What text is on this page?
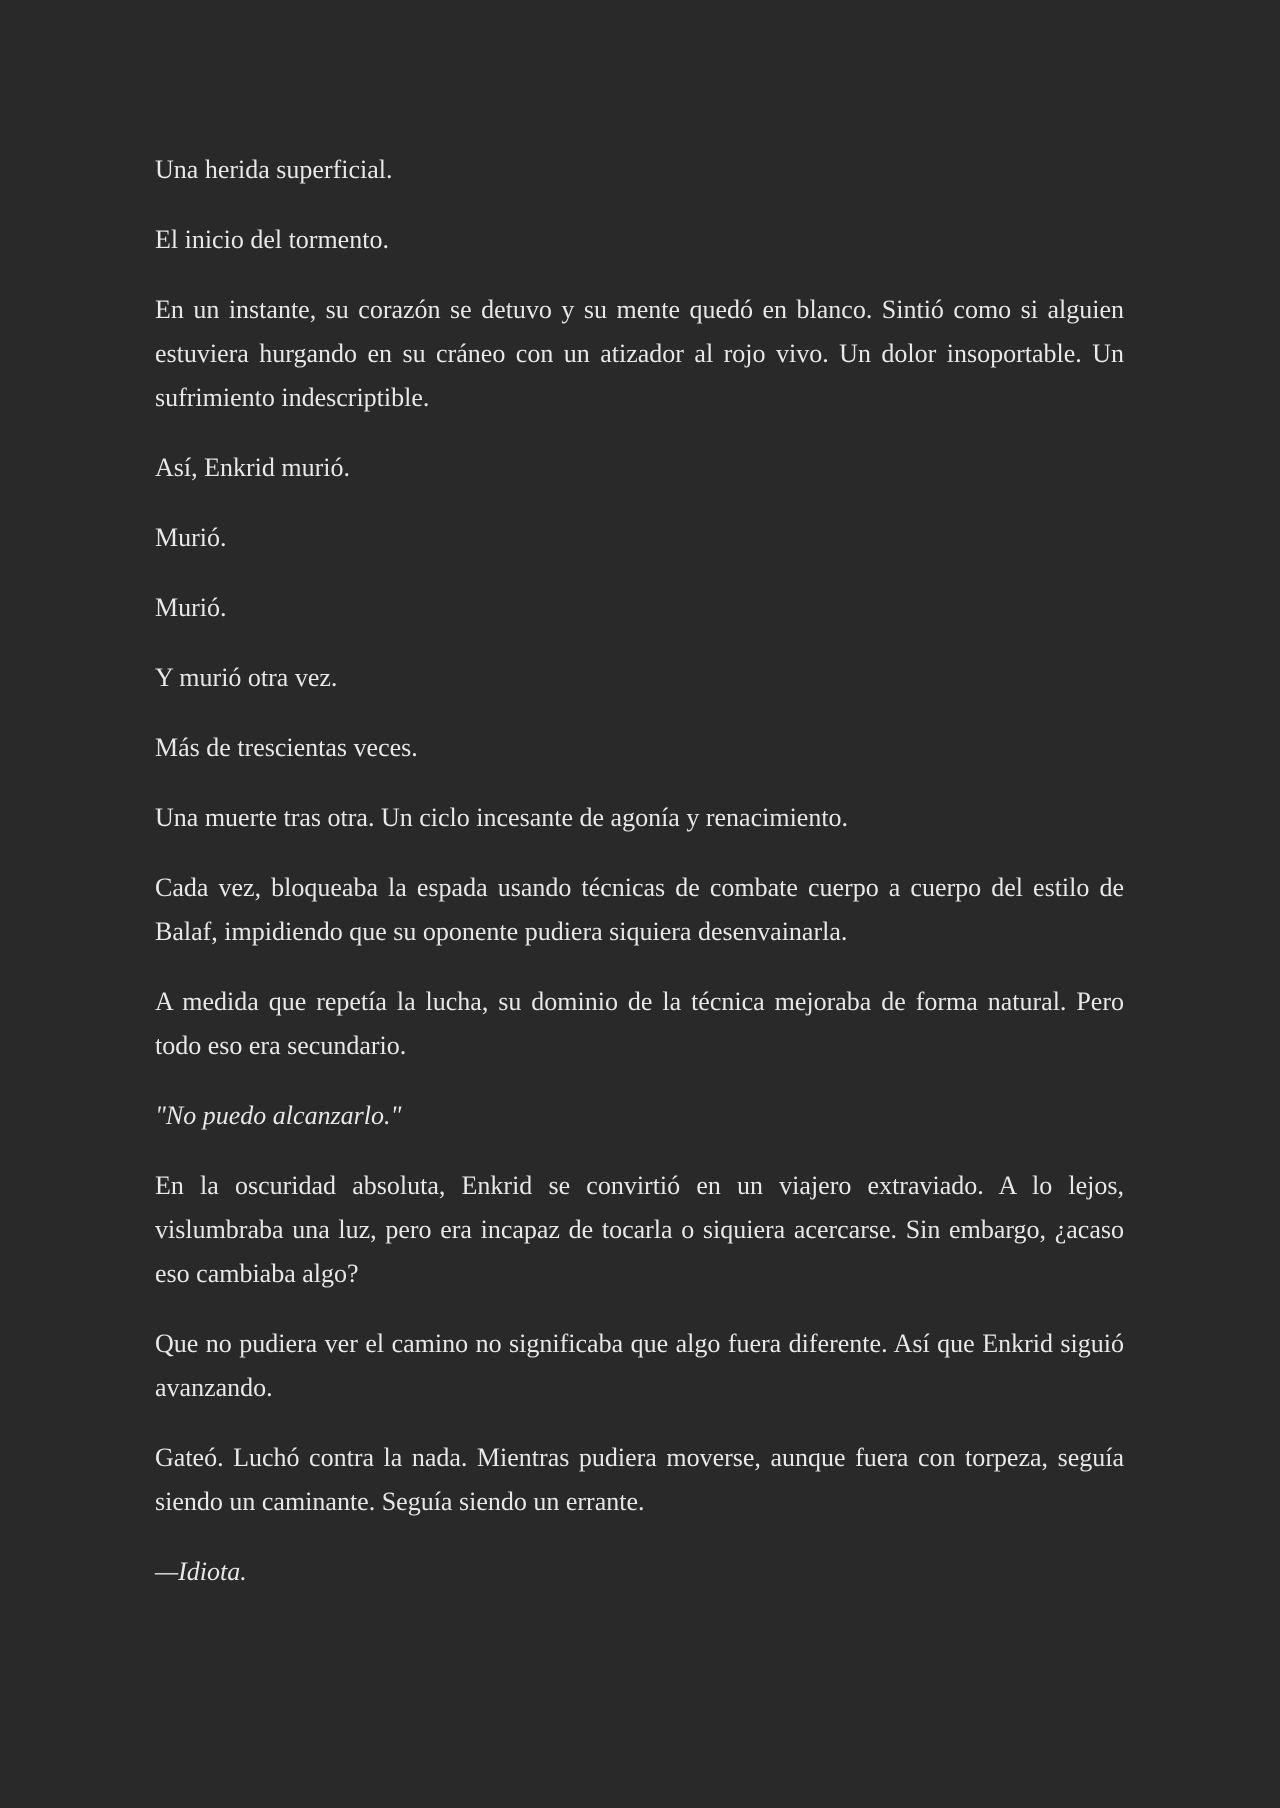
Una herida superficial.

El inicio del tormento.

En un instante, su corazón se detuvo y su mente quedó en blanco. Sintió como si alguien estuviera hurgando en su cráneo con un atizador al rojo vivo. Un dolor insoportable. Un sufrimiento indescriptible.

Así, Enkrid murió.

Murió.

Murió.

Y murió otra vez.

Más de trescientas veces.

Una muerte tras otra. Un ciclo incesante de agonía y renacimiento.

Cada vez, bloqueaba la espada usando técnicas de combate cuerpo a cuerpo del estilo de Balaf, impidiendo que su oponente pudiera siquiera desenvainarla.

A medida que repetía la lucha, su dominio de la técnica mejoraba de forma natural. Pero todo eso era secundario.

"No puedo alcanzarlo."

En la oscuridad absoluta, Enkrid se convirtió en un viajero extraviado. A lo lejos, vislumbraba una luz, pero era incapaz de tocarla o siquiera acercarse. Sin embargo, ¿acaso eso cambiaba algo?

Que no pudiera ver el camino no significaba que algo fuera diferente. Así que Enkrid siguió avanzando.

Gateó. Luchó contra la nada. Mientras pudiera moverse, aunque fuera con torpeza, seguía siendo un caminante. Seguía siendo un errante.

—Idiota.
